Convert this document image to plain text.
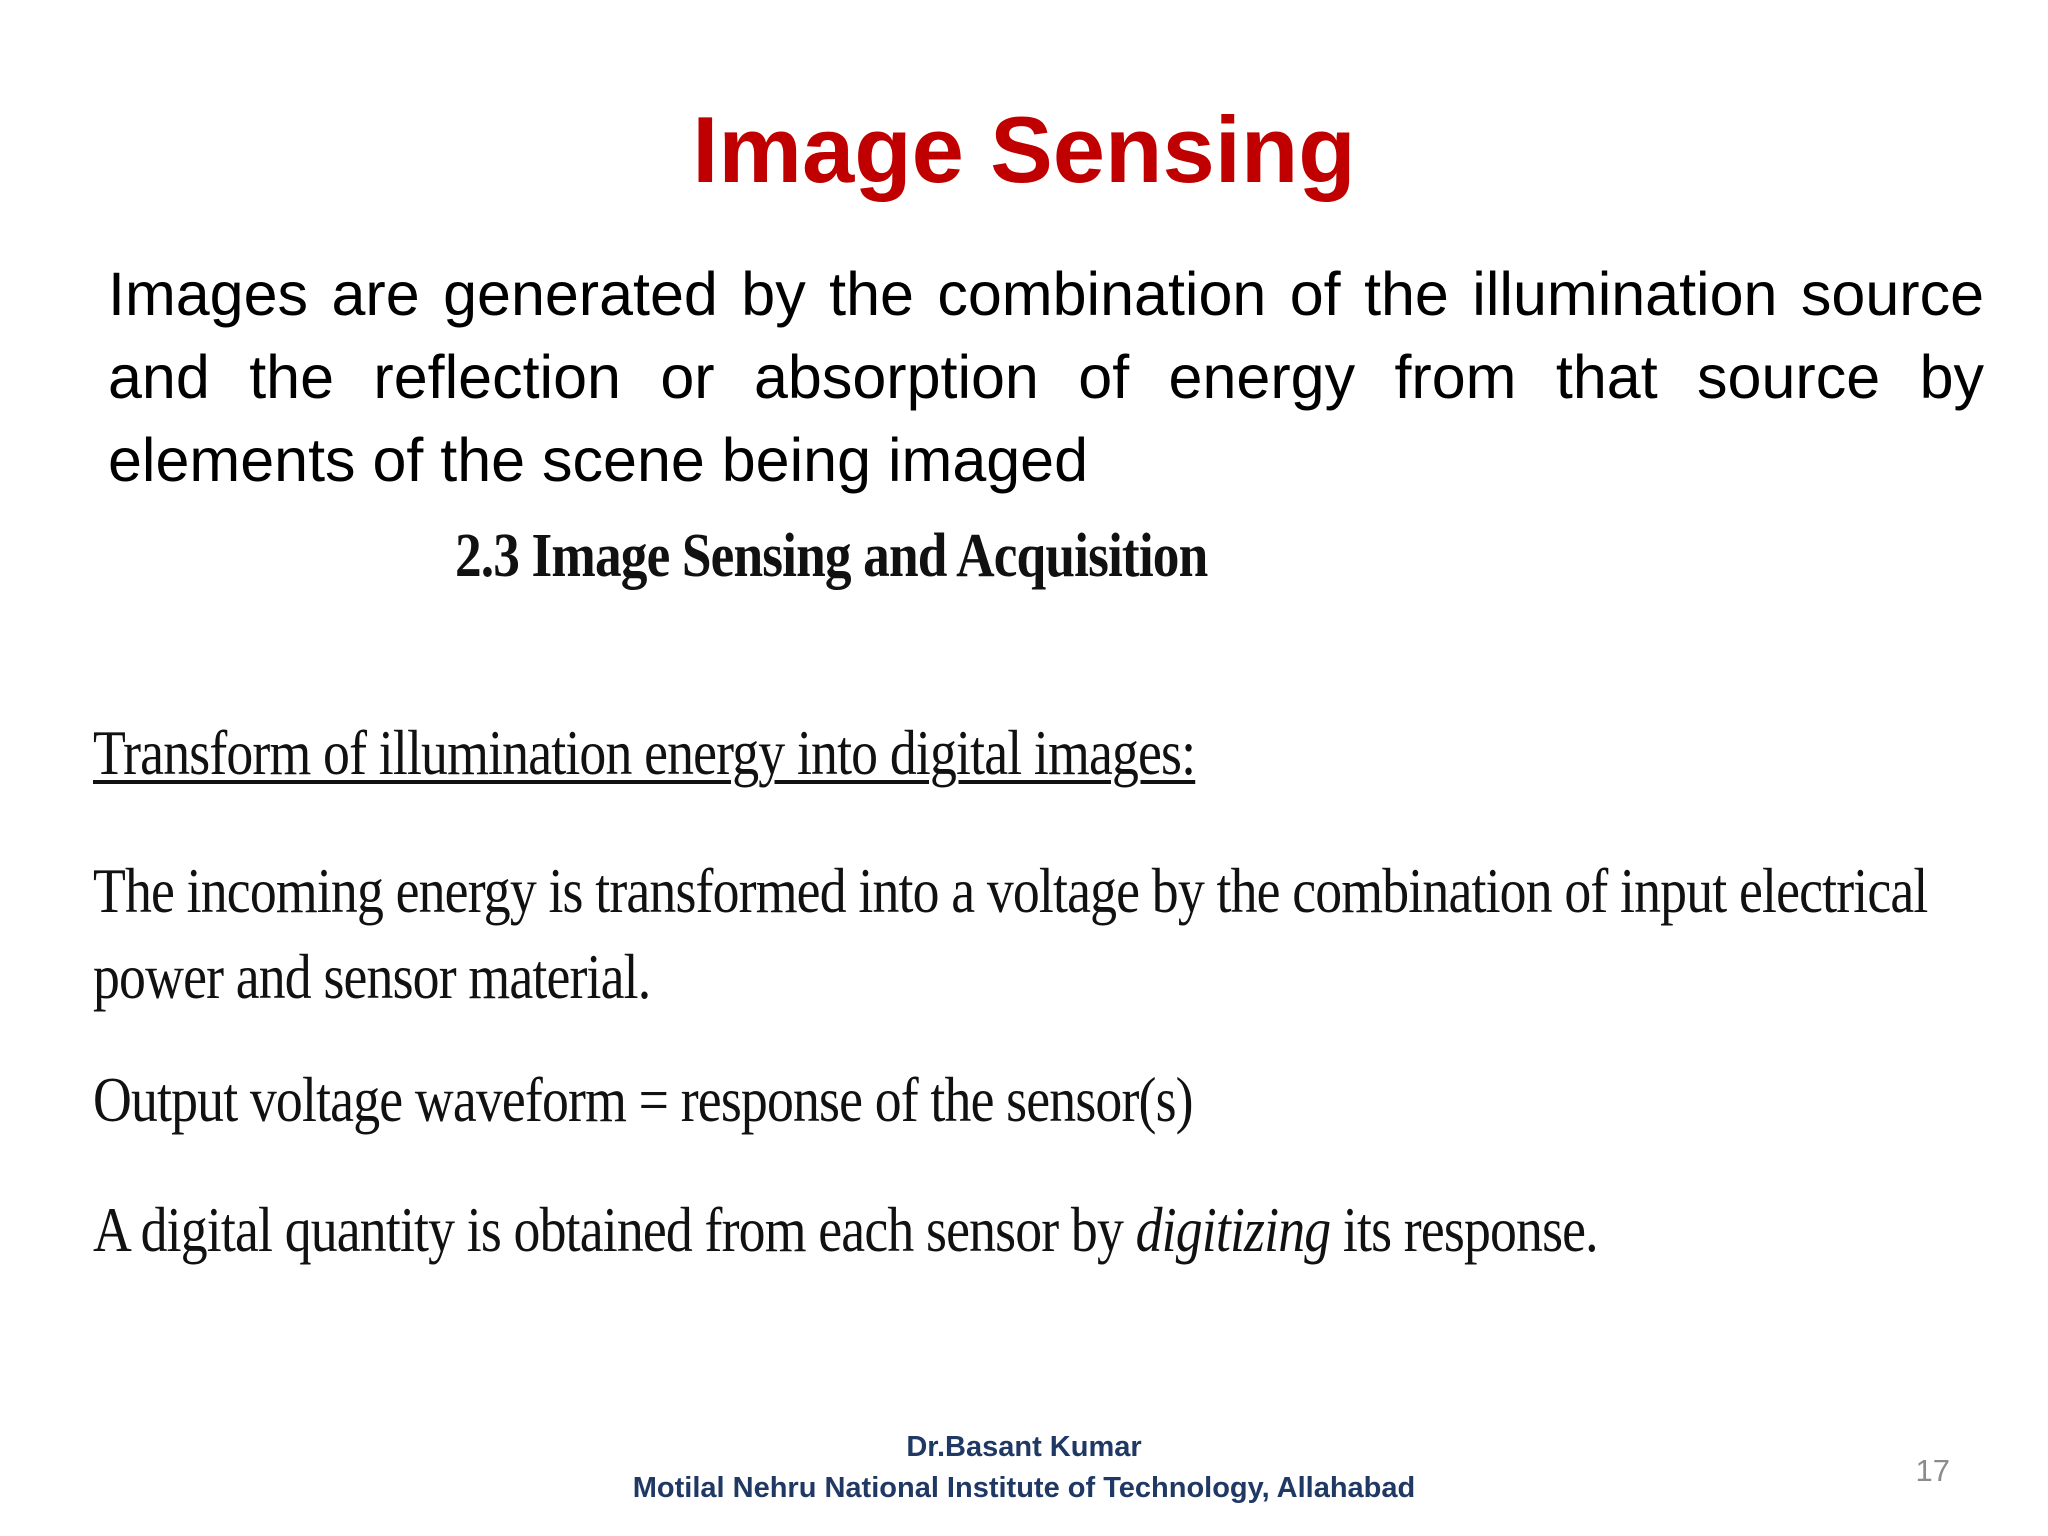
Image Sensing
Images are generated by the combination of the illumination source and the reflection or absorption of energy from that source by elements of the scene being imaged
2.3 Image Sensing and Acquisition
Transform of illumination energy into digital images:
The incoming energy is transformed into a voltage by the combination of input electrical
power and sensor material.
Output voltage waveform = response of the sensor(s)
A digital quantity is obtained from each sensor by digitizing its response.
Dr.Basant Kumar
Motilal Nehru National Institute of Technology, Allahabad	17
